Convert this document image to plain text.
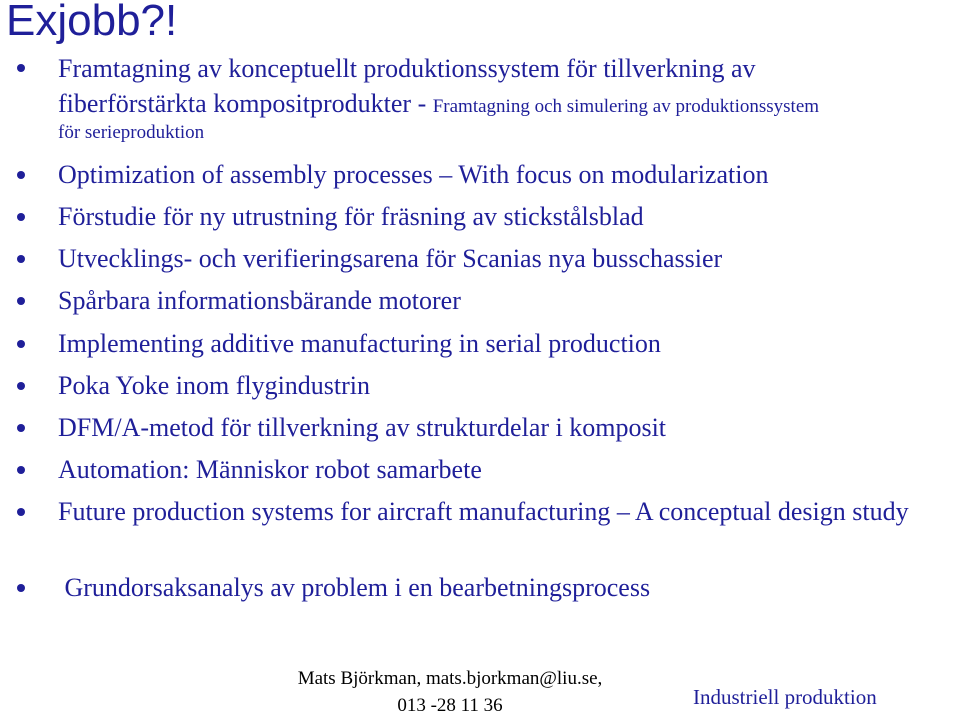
Exjobb?!
Framtagning av konceptuellt produktionssystem för tillverkning av
fiberförstärkta kompositprodukter - Framtagning och simulering av produktionssystem
för serieproduktion
Optimization of assembly processes – With focus on modularization
Förstudie för ny utrustning för fräsning av stickstålsblad
Utvecklings- och verifieringsarena för Scanias nya busschassier
Spårbara informationsbärande motorer
Implementing additive manufacturing in serial production
Poka Yoke inom flygindustrin
DFM/A-metod för tillverkning av strukturdelar i komposit
Automation: Människor robot samarbete
Future production systems for aircraft manufacturing – A conceptual design study
Grundorsaksanalys av problem i en bearbetningsprocess
Mats Björkman, mats.bjorkman@liu.se,
013 -28 11 36	Industriell produktion
